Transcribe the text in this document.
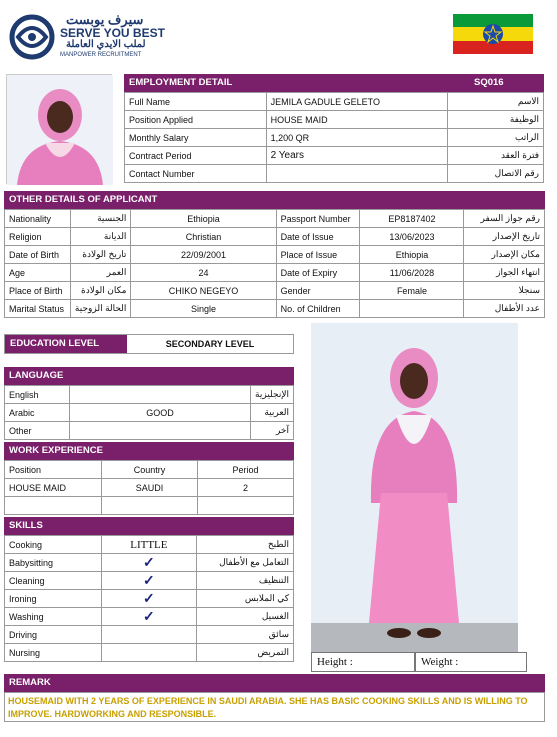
سيرف يوبست
SERVE YOU BEST
لملب الايدي العاملة
MANPOWER RECRUITMENT
EMPLOYMENT DETAIL	SQ016
Full Name	JEMILA GADULE GELETO	الاسم
Position Applied	HOUSE MAID	الوظيفة
Monthly Salary	1,200 QR	الراتب
Contract Period	2 Years	فترة العقد
Contact Number		رقم الاتصال
OTHER DETAILS OF APPLICANT
Nationality	الجنسية	Ethiopia	Passport Number	EP8187402	رقم جواز السفر
Religion	الديانة	Christian	Date of Issue	13/06/2023	تاريخ الإصدار
Date of Birth	تاريخ الولادة	22/09/2001	Place of Issue	Ethiopia	مكان الإصدار
Age	العمر	24	Date of Expiry	11/06/2028	انتهاء الجواز
Place of Birth	مكان الولادة	CHIKO NEGEYO	Gender	Female	سنجلا
Marital Status	الحالة الزوجية	Single	No. of Children		عدد الأطفال
EDUCATION LEVEL	SECONDARY LEVEL
LANGUAGE
English		الإنجليزية
Arabic	GOOD	العربية
Other		آخر
WORK EXPERIENCE
Position	Country	Period
HOUSE MAID	SAUDI	2

SKILLS
Cooking	LITTLE	الطبخ
Babysitting	✓	التعامل مع الأطفال
Cleaning	✓	التنظيف
Ironing	✓	كي الملابس
Washing	✓	الغسيل
Driving		سائق
Nursing		التمريض
Height :	Weight :
REMARK
HOUSEMAID WITH 2 YEARS OF EXPERIENCE IN SAUDI ARABIA. SHE HAS BASIC COOKING SKILLS AND IS WILLING TO IMPROVE. HARDWORKING AND RESPONSIBLE.
